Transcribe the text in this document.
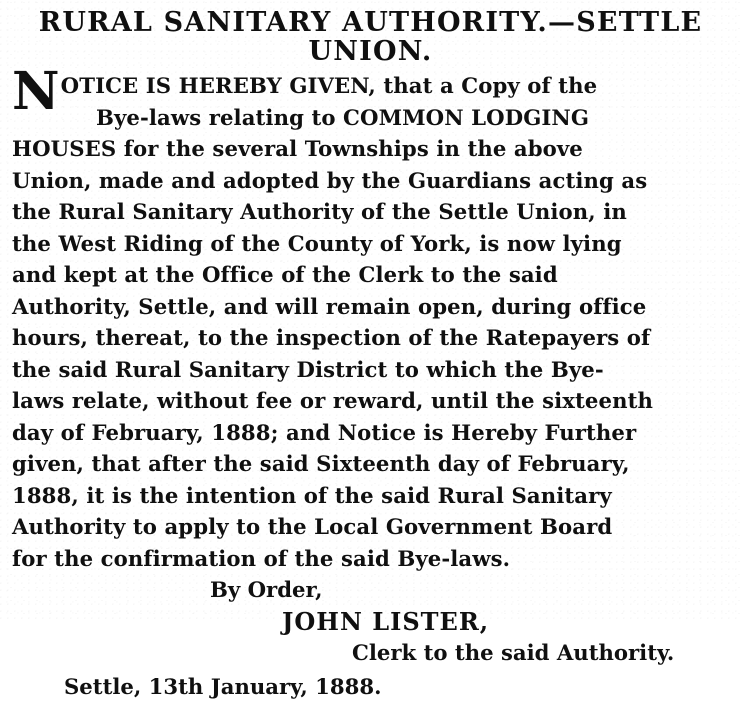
RURAL SANITARY AUTHORITY.—SETTLE
UNION.
N OTICE IS HEREBY GIVEN, that a Copy of the
Bye-laws relating to COMMON LODGING
HOUSES for the several Townships in the above
Union, made and adopted by the Guardians acting as
the Rural Sanitary Authority of the Settle Union, in
the West Riding of the County of York, is now lying
and kept at the Office of the Clerk to the said
Authority, Settle, and will remain open, during office
hours, thereat, to the inspection of the Ratepayers of
the said Rural Sanitary District to which the Bye-
laws relate, without fee or reward, until the sixteenth
day of February, 1888; and Notice is Hereby Further
given, that after the said Sixteenth day of February,
1888, it is the intention of the said Rural Sanitary
Authority to apply to the Local Government Board
for the confirmation of the said Bye-laws.
By Order,
JOHN LISTER,
Clerk to the said Authority.
Settle, 13th January, 1888.
